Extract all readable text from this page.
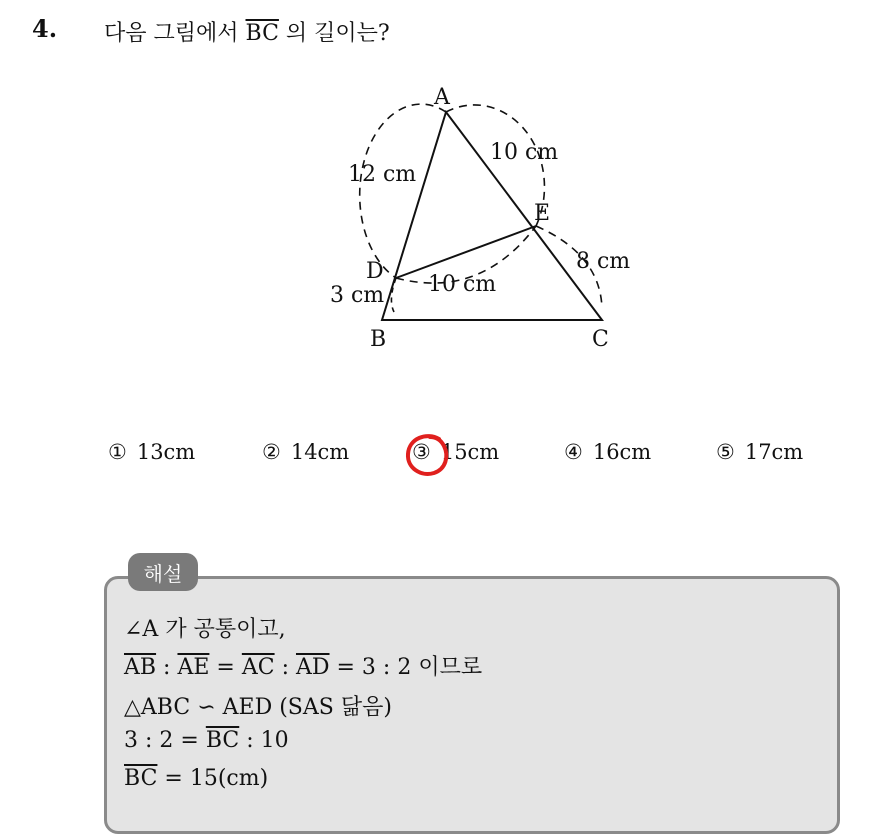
4. 다음 그림에서 $\overline{BC}$ 의 길이는?
A
B	C
D
E
12 cm
10 cm
3 cm 10 cm
8 cm
① 13cm	② 14cm	③ 15cm	④ 16cm	⑤ 17cm
해설
∠A 가 공통이고,
$\overline{AB}$ : $\overline{AE} = \overline{AC}$ : $\overline{AD} = 3$ : 2 이므로
△ABC ∽ AED (SAS 닮음)
3 : $2 = \overline{BC}$ : 10
$\overline{BC} = 15(cm)$
